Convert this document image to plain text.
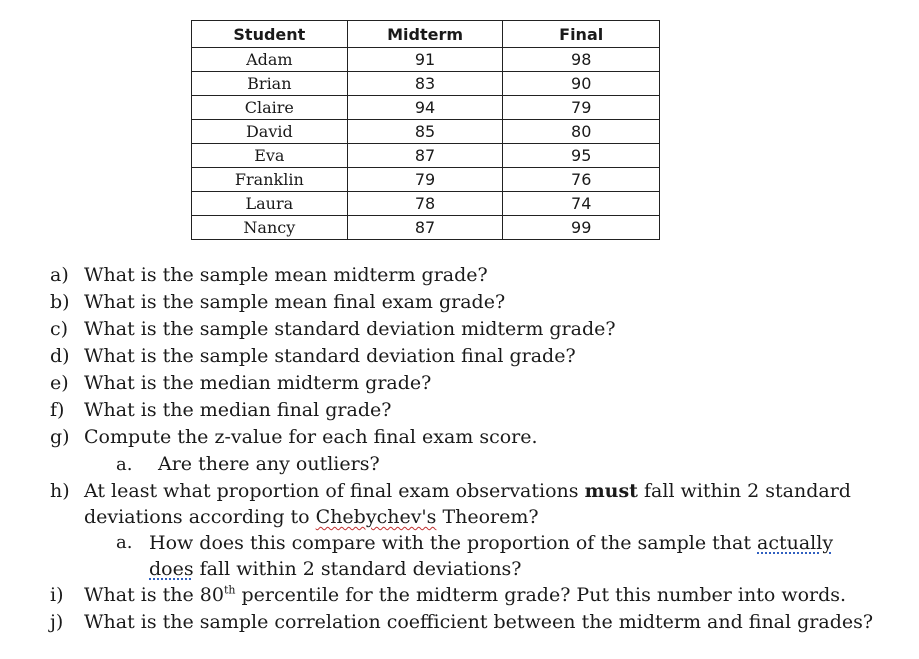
Student	Midterm	Final
Adam	91	98
Brian	83	90
Claire	94	79
David	85	80
Eva	87	95
Franklin	79	76
Laura	78	74
Nancy	87	99
a) What is the sample mean midterm grade?
b) What is the sample mean final exam grade?
c) What is the sample standard deviation midterm grade?
d) What is the sample standard deviation final grade?
e) What is the median midterm grade?
f) What is the median final grade?
g) Compute the z-value for each final exam score.
a. Are there any outliers?
h) At least what proportion of final exam observations must fall within 2 standard deviations according to Chebychev's Theorem?
a. How does this compare with the proportion of the sample that actually
does fall within 2 standard deviations?
i) What is the 80th percentile for the midterm grade? Put this number into words.
j) What is the sample correlation coefficient between the midterm and final grades?
